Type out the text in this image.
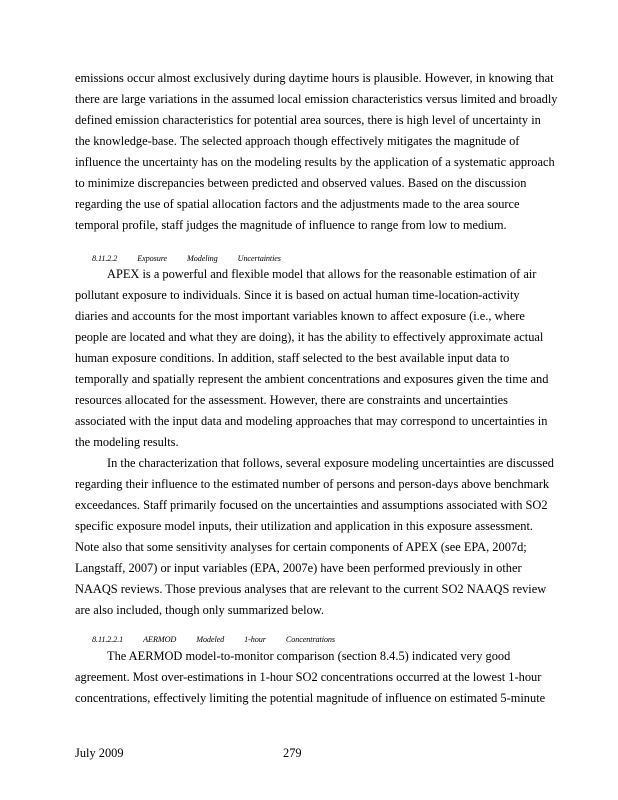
emissions occur almost exclusively during daytime hours is plausible. However, in knowing that
there are large variations in the assumed local emission characteristics versus limited and broadly
defined emission characteristics for potential area sources, there is high level of uncertainty in
the knowledge-base. The selected approach though effectively mitigates the magnitude of
influence the uncertainty has on the modeling results by the application of a systematic approach
to minimize discrepancies between predicted and observed values. Based on the discussion
regarding the use of spatial allocation factors and the adjustments made to the area source
temporal profile, staff judges the magnitude of influence to range from low to medium.
8.11.2.2 Exposure Modeling Uncertainties
APEX is a powerful and flexible model that allows for the reasonable estimation of air
pollutant exposure to individuals. Since it is based on actual human time-location-activity
diaries and accounts for the most important variables known to affect exposure (i.e., where
people are located and what they are doing), it has the ability to effectively approximate actual
human exposure conditions. In addition, staff selected to the best available input data to
temporally and spatially represent the ambient concentrations and exposures given the time and
resources allocated for the assessment. However, there are constraints and uncertainties
associated with the input data and modeling approaches that may correspond to uncertainties in
the modeling results.
In the characterization that follows, several exposure modeling uncertainties are discussed
regarding their influence to the estimated number of persons and person-days above benchmark
exceedances. Staff primarily focused on the uncertainties and assumptions associated with SO2
specific exposure model inputs, their utilization and application in this exposure assessment.
Note also that some sensitivity analyses for certain components of APEX (see EPA, 2007d;
Langstaff, 2007) or input variables (EPA, 2007e) have been performed previously in other
NAAQS reviews. Those previous analyses that are relevant to the current SO2 NAAQS review
are also included, though only summarized below.
8.11.2.2.1 AERMOD Modeled 1-hour Concentrations
The AERMOD model-to-monitor comparison (section 8.4.5) indicated very good
agreement. Most over-estimations in 1-hour SO2 concentrations occurred at the lowest 1-hour
concentrations, effectively limiting the potential magnitude of influence on estimated 5-minute
July 2009	279
